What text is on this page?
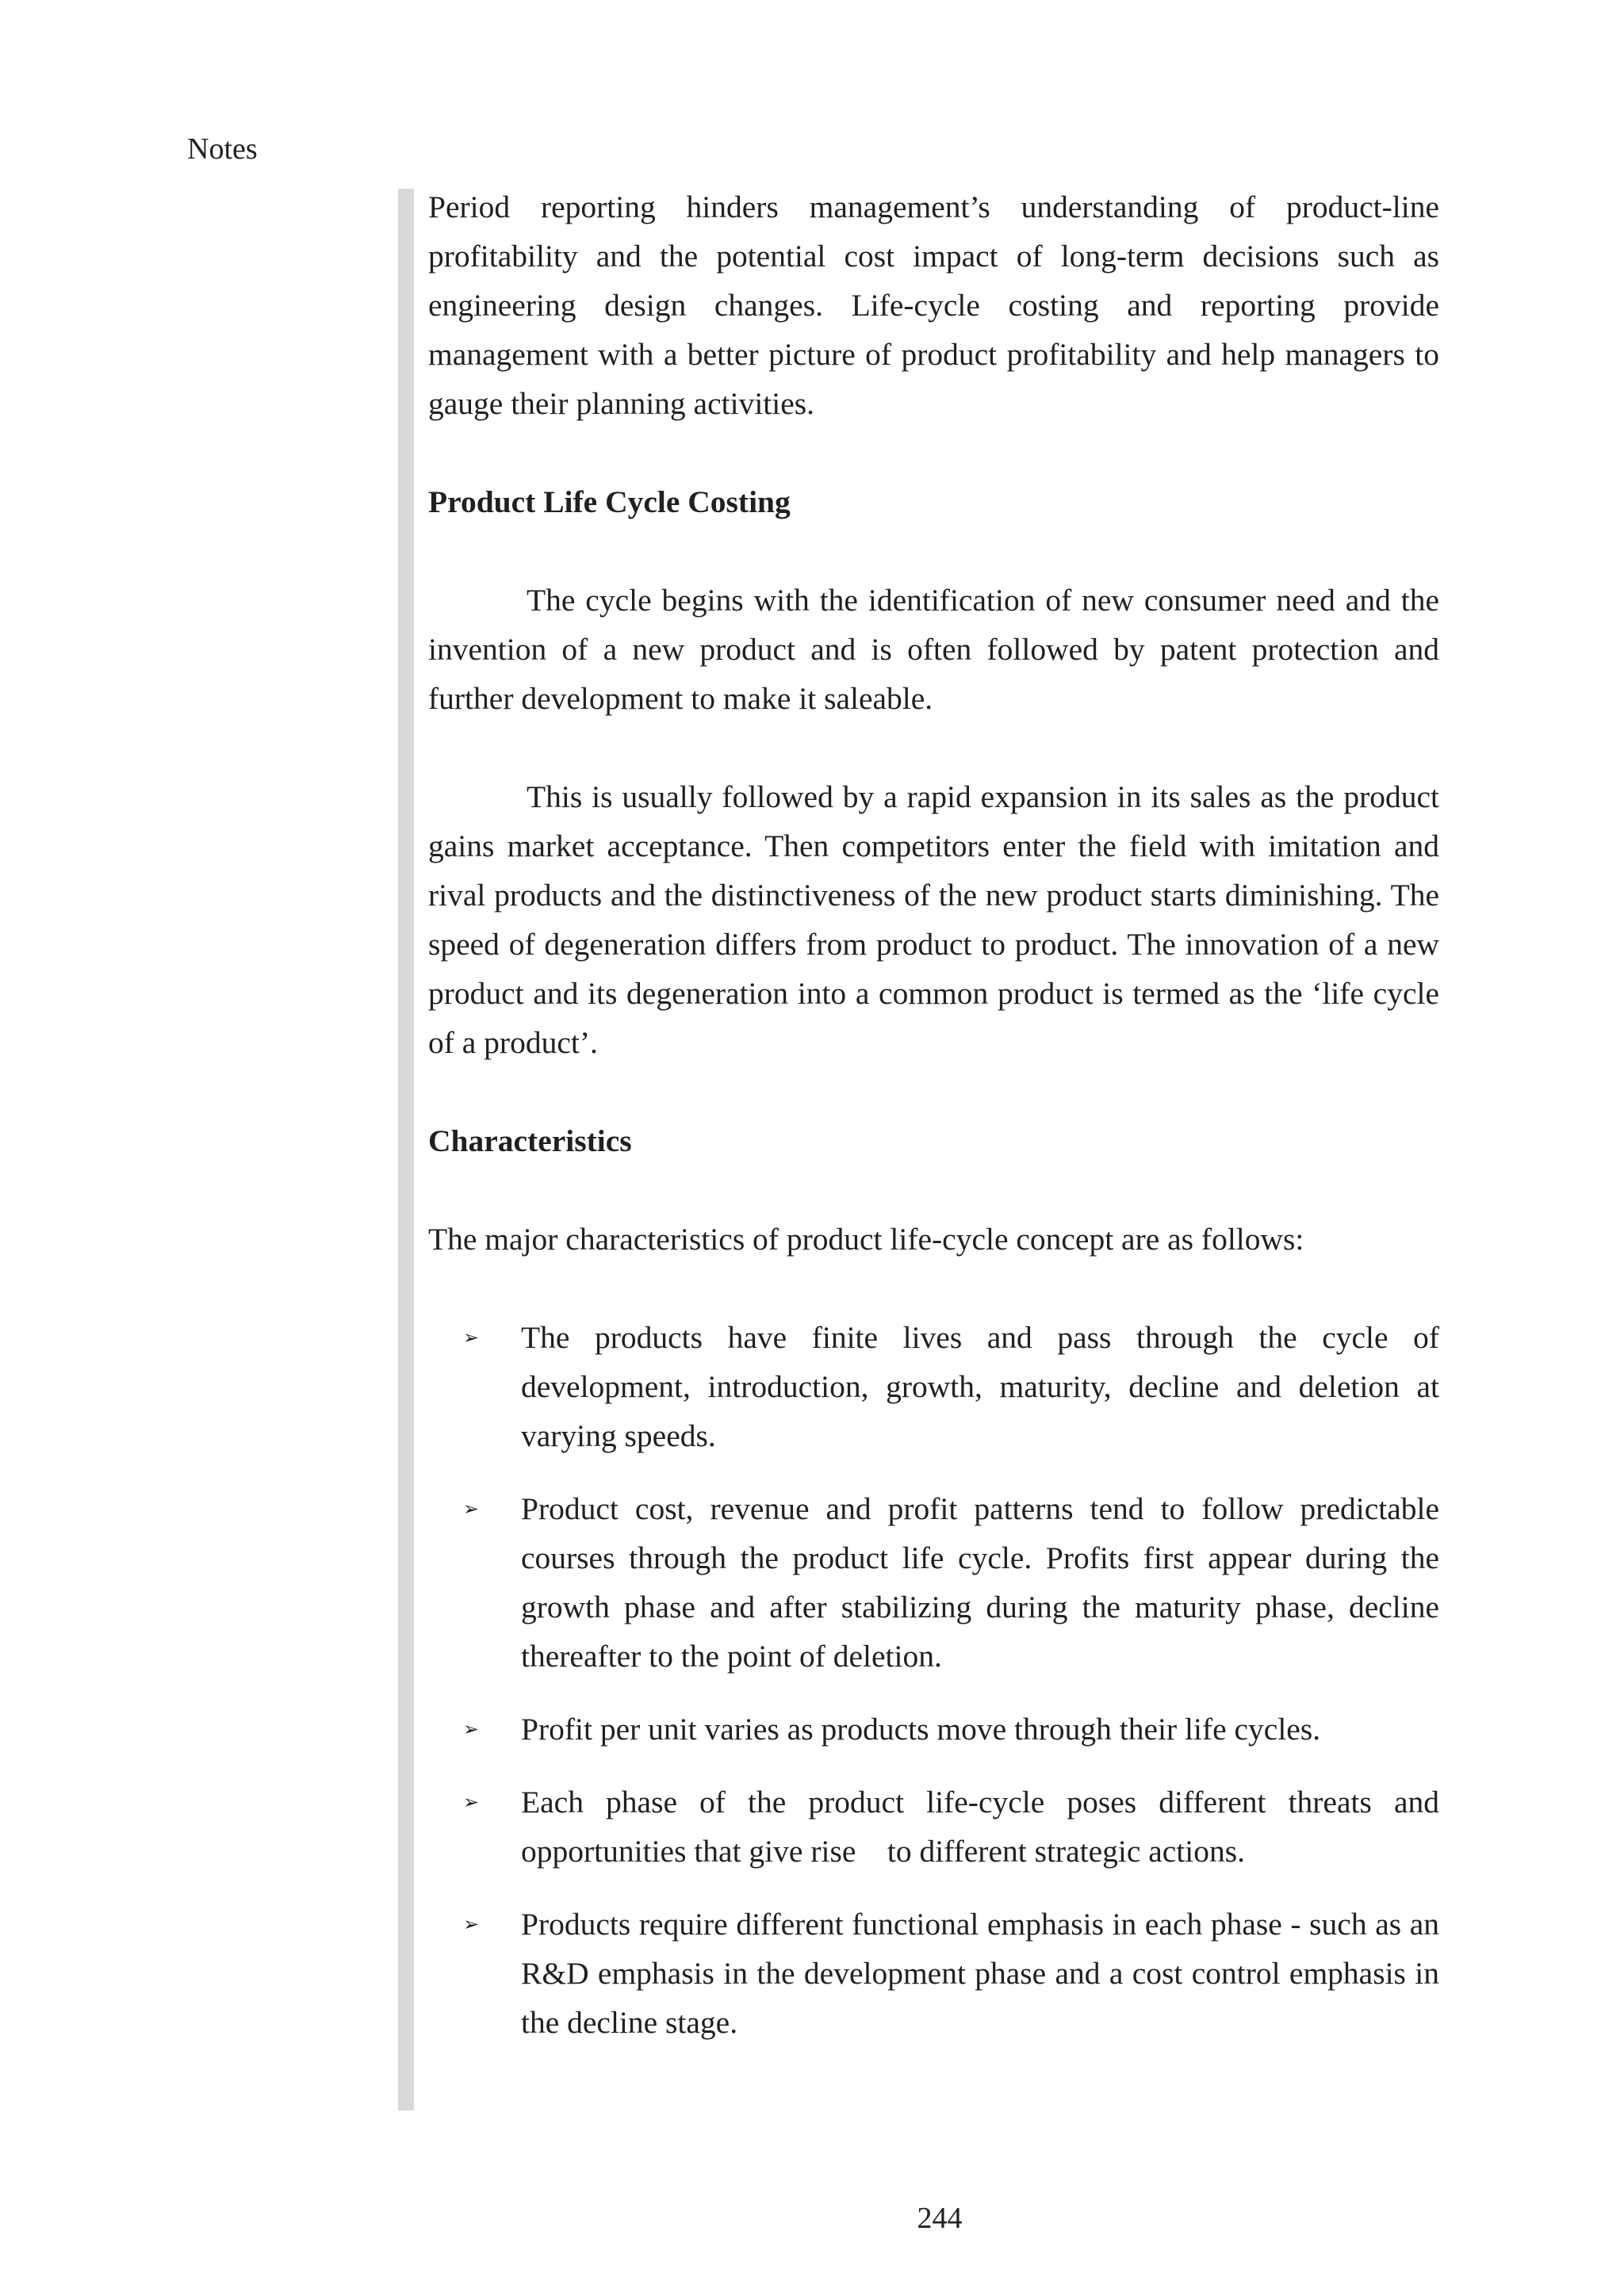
Notes

Period reporting hinders management’s understanding of product-line profitability and the potential cost impact of long-term decisions such as engineering design changes. Life-cycle costing and reporting provide management with a better picture of product profitability and help managers to gauge their planning activities.

Product Life Cycle Costing

The cycle begins with the identification of new consumer need and the invention of a new product and is often followed by patent protection and further development to make it saleable.

This is usually followed by a rapid expansion in its sales as the product gains market acceptance. Then competitors enter the field with imitation and rival products and the distinctiveness of the new product starts diminishing. The speed of degeneration differs from product to product. The innovation of a new product and its degeneration into a common product is termed as the ‘life cycle of a product’.

Characteristics

The major characteristics of product life-cycle concept are as follows:

➢ The products have finite lives and pass through the cycle of development, introduction, growth, maturity, decline and deletion at varying speeds.
➢ Product cost, revenue and profit patterns tend to follow predictable courses through the product life cycle. Profits first appear during the growth phase and after stabilizing during the maturity phase, decline thereafter to the point of deletion.
➢ Profit per unit varies as products move through their life cycles.
➢ Each phase of the product life-cycle poses different threats and opportunities that give rise    to different strategic actions.
➢ Products require different functional emphasis in each phase - such as an R&D emphasis in the development phase and a cost control emphasis in the decline stage.
244
